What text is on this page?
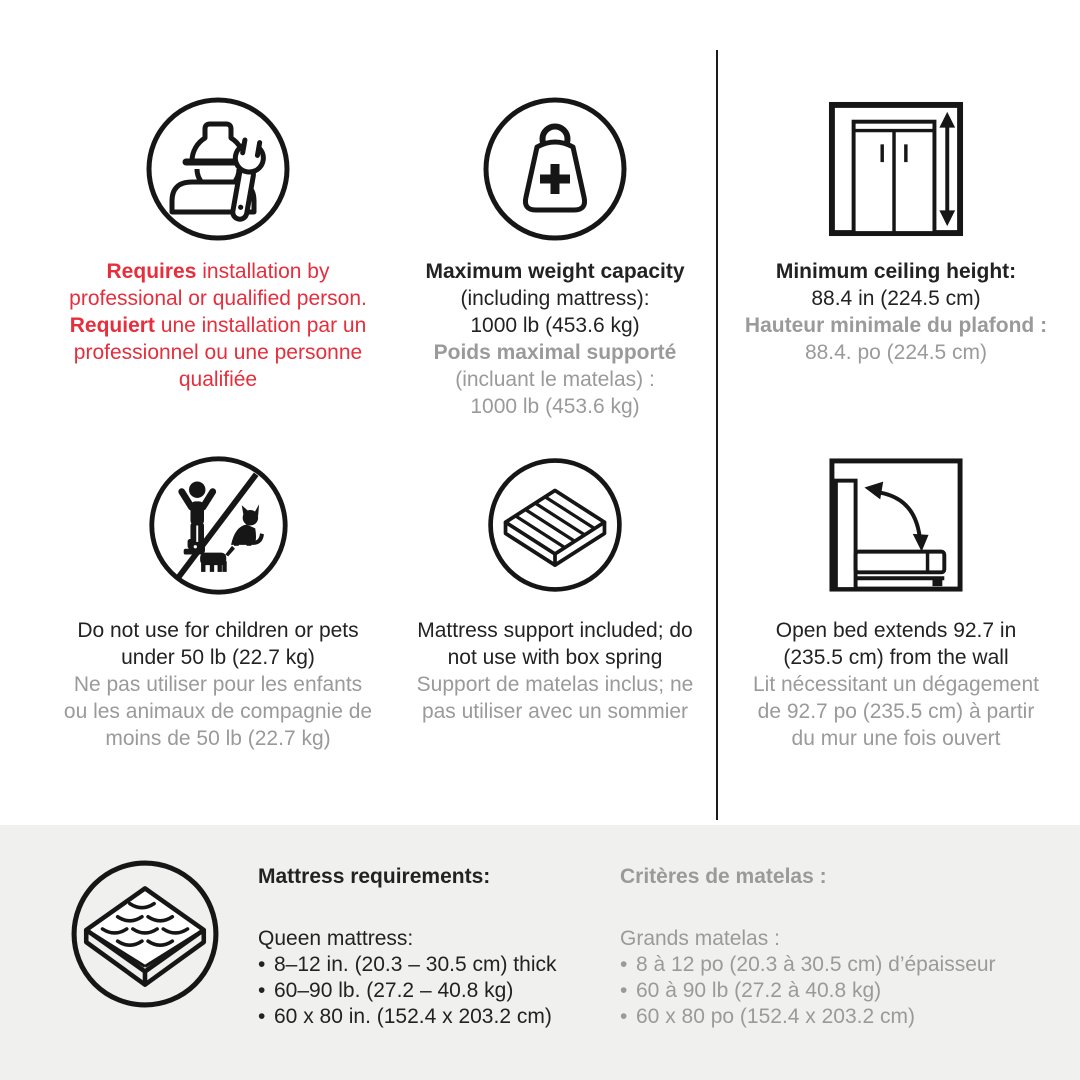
Requires installation by
professional or qualified person.
Requiert une installation par un
professionnel ou une personne
qualifiée
Maximum weight capacity
(including mattress):
1000 lb (453.6 kg)
Poids maximal supporté
(incluant le matelas) :
1000 lb (453.6 kg)
Minimum ceiling height:
88.4 in (224.5 cm)
Hauteur minimale du plafond :
88.4. po (224.5 cm)
Do not use for children or pets
under 50 lb (22.7 kg)
Ne pas utiliser pour les enfants
ou les animaux de compagnie de
moins de 50 lb (22.7 kg)
Mattress support included; do
not use with box spring
Support de matelas inclus; ne
pas utiliser avec un sommier
Open bed extends 92.7 in
(235.5 cm) from the wall
Lit nécessitant un dégagement
de 92.7 po (235.5 cm) à partir
du mur une fois ouvert
Mattress requirements:
Queen mattress:
• 8–12 in. (20.3 – 30.5 cm) thick
• 60–90 lb. (27.2 – 40.8 kg)
• 60 x 80 in. (152.4 x 203.2 cm)
Critères de matelas :
Grands matelas :
• 8 à 12 po (20.3 à 30.5 cm) d’épaisseur
• 60 à 90 lb (27.2 à 40.8 kg)
• 60 x 80 po (152.4 x 203.2 cm)
